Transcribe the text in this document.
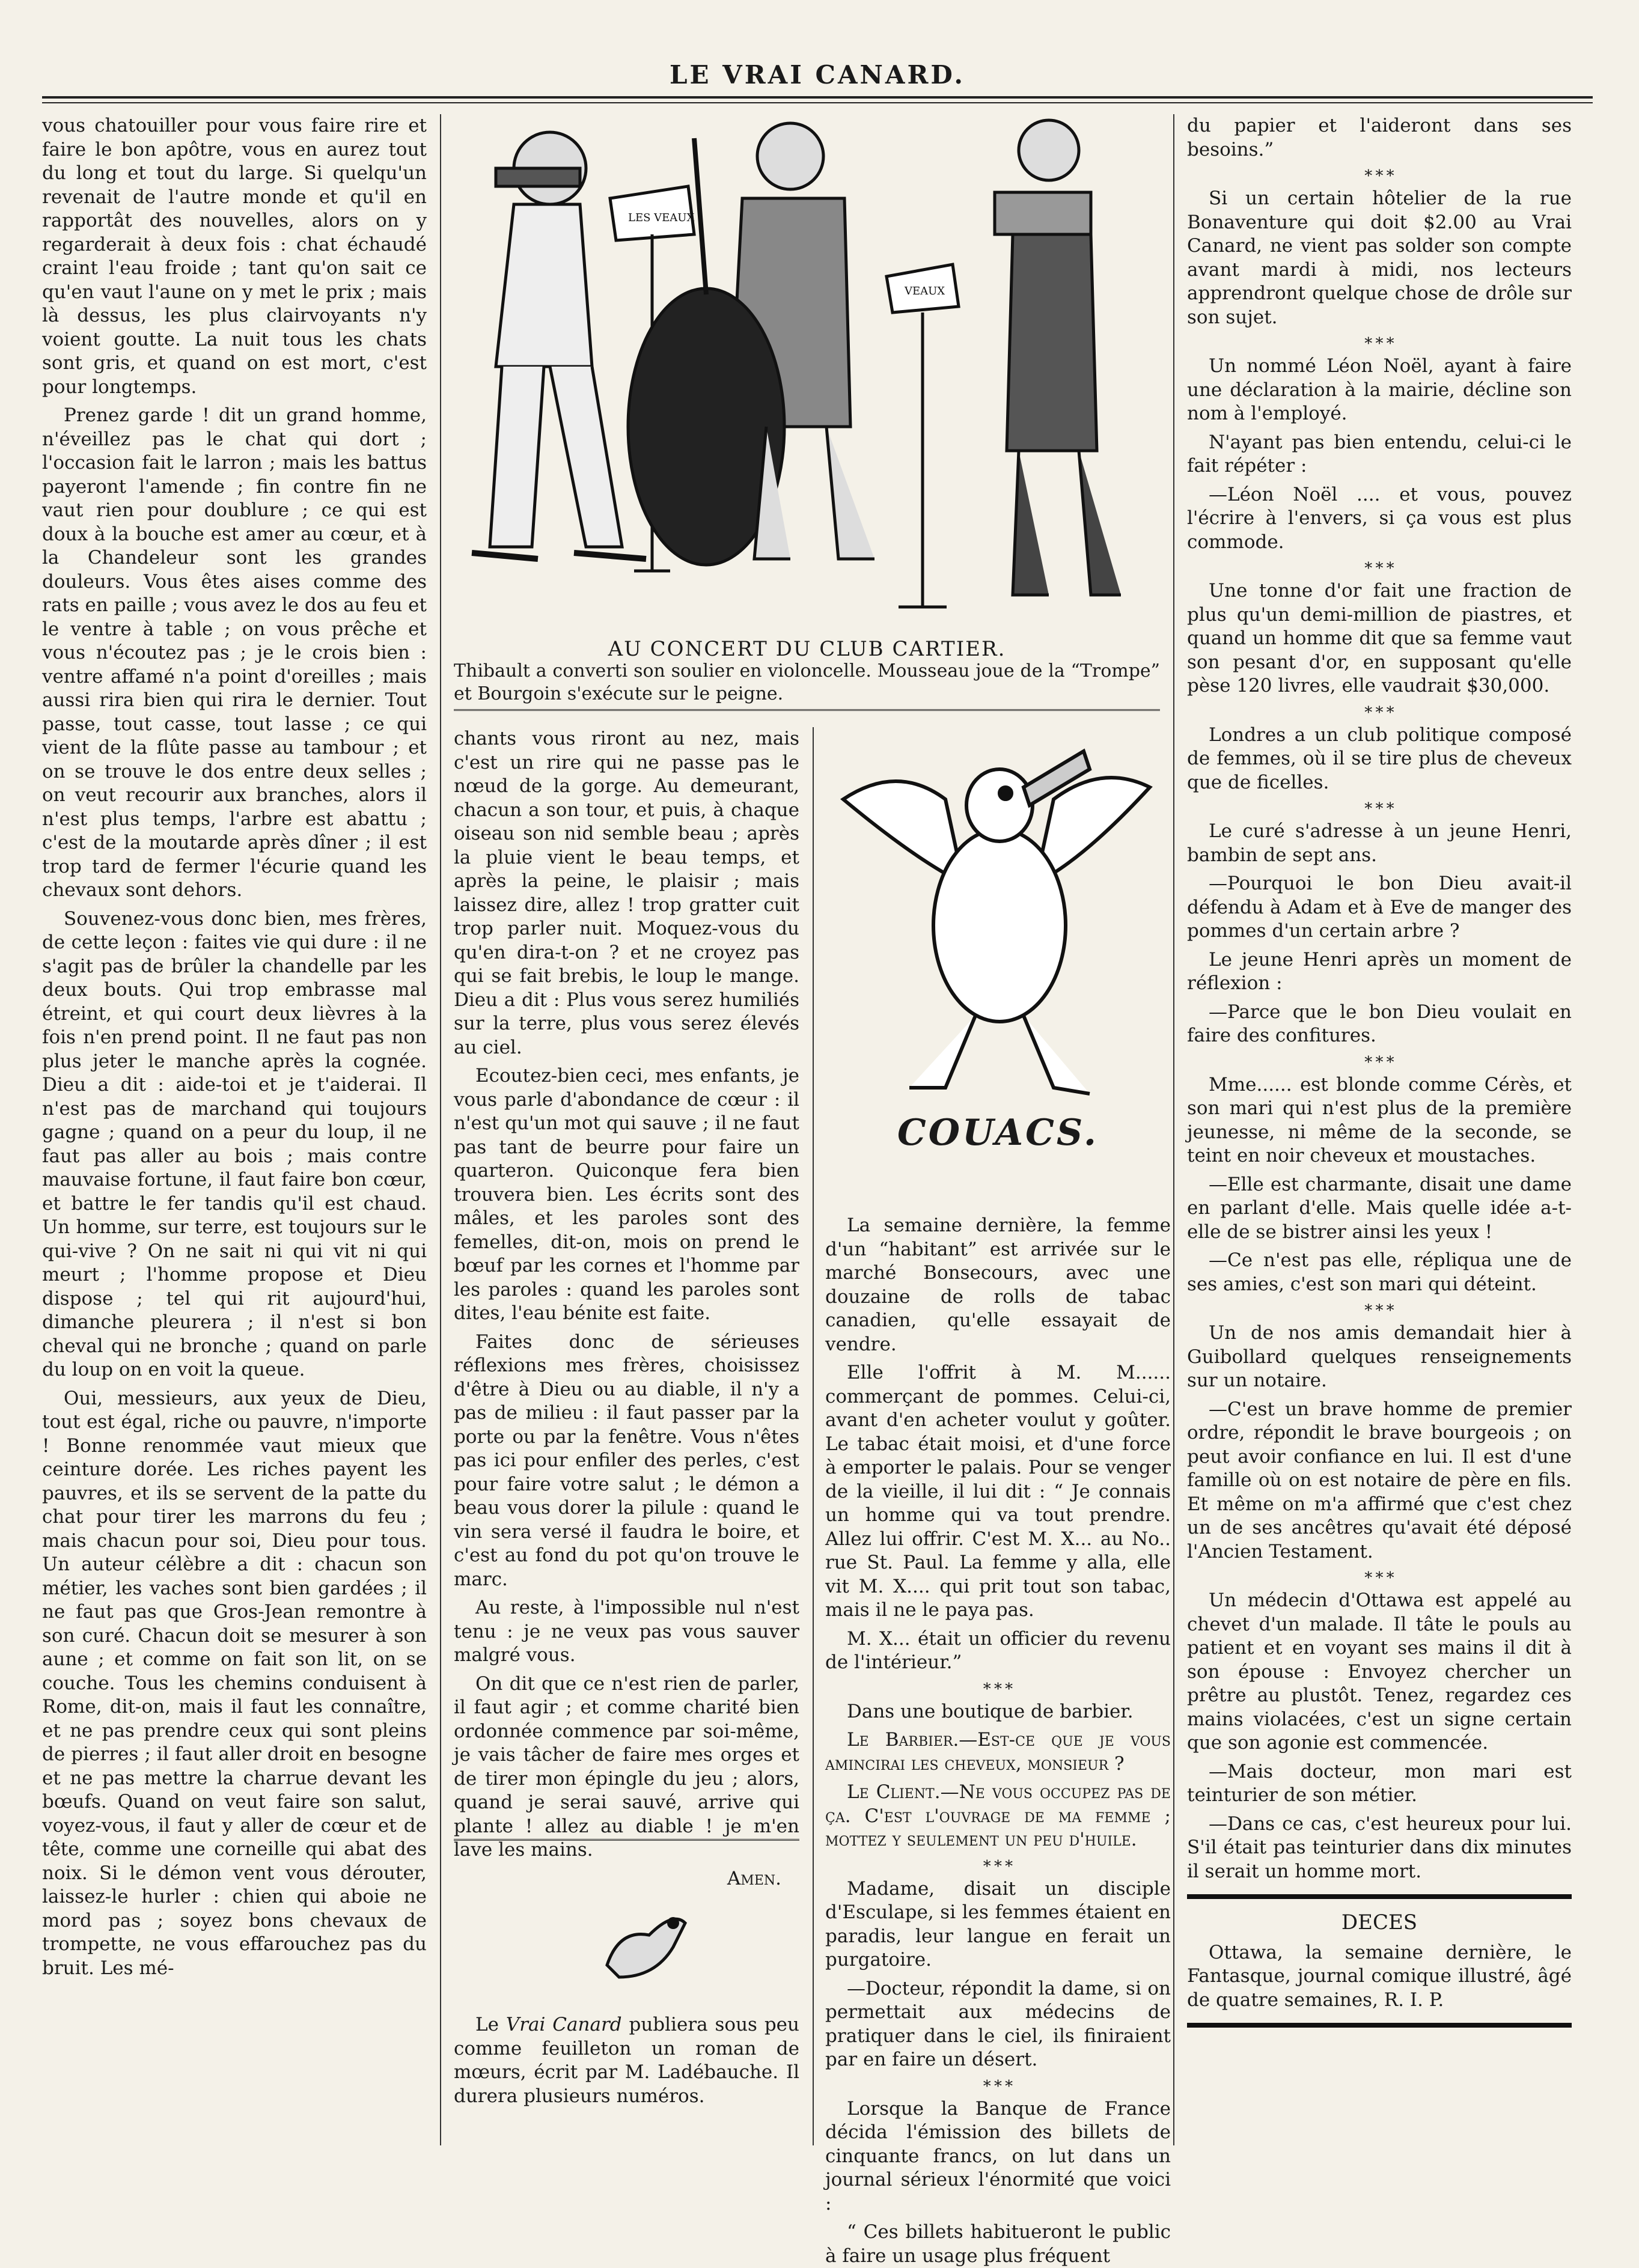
LE VRAI CANARD.

vous chatouiller pour vous faire rire et faire le bon apôtre, vous en aurez tout du long et tout du large. Si quelqu'un revenait de l'autre monde et qu'il en rapportât des nouvelles, alors on y regarderait à deux fois : chat échaudé craint l'eau froide ; tant qu'on sait ce qu'en vaut l'aune on y met le prix ; mais là dessus, les plus clairvoyants n'y voient goutte. La nuit tous les chats sont gris, et quand on est mort, c'est pour longtemps.

Prenez garde ! dit un grand homme, n'éveillez pas le chat qui dort ; l'occasion fait le larron ; mais les battus payeront l'amende ; fin contre fin ne vaut rien pour doublure ; ce qui est doux à la bouche est amer au cœur, et à la Chandeleur sont les grandes douleurs. Vous êtes aises comme des rats en paille ; vous avez le dos au feu et le ventre à table ; on vous prêche et vous n'écoutez pas ; je le crois bien : ventre affamé n'a point d'oreilles ; mais aussi rira bien qui rira le dernier. Tout passe, tout casse, tout lasse ; ce qui vient de la flûte passe au tambour ; et on se trouve le dos entre deux selles ; on veut recourir aux branches, alors il n'est plus temps, l'arbre est abattu ; c'est de la moutarde après dîner ; il est trop tard de fermer l'écurie quand les chevaux sont dehors.

Souvenez-vous donc bien, mes frères, de cette leçon : faites vie qui dure : il ne s'agit pas de brûler la chandelle par les deux bouts. Qui trop embrasse mal étreint, et qui court deux lièvres à la fois n'en prend point. Il ne faut pas non plus jeter le manche après la cognée. Dieu a dit : aide-toi et je t'aiderai. Il n'est pas de marchand qui toujours gagne ; quand on a peur du loup, il ne faut pas aller au bois ; mais contre mauvaise fortune, il faut faire bon cœur, et battre le fer tandis qu'il est chaud. Un homme, sur terre, est toujours sur le qui-vive ? On ne sait ni qui vit ni qui meurt ; l'homme propose et Dieu dispose ; tel qui rit aujourd'hui, dimanche pleurera ; il n'est si bon cheval qui ne bronche ; quand on parle du loup on en voit la queue.

Oui, messieurs, aux yeux de Dieu, tout est égal, riche ou pauvre, n'importe ! Bonne renommée vaut mieux que ceinture dorée. Les riches payent les pauvres, et ils se servent de la patte du chat pour tirer les marrons du feu ; mais chacun pour soi, Dieu pour tous. Un auteur célèbre a dit : chacun son métier, les vaches sont bien gardées ; il ne faut pas que Gros-Jean remontre à son curé. Chacun doit se mesurer à son aune ; et comme on fait son lit, on se couche. Tous les chemins conduisent à Rome, dit-on, mais il faut les connaître, et ne pas prendre ceux qui sont pleins de pierres ; il faut aller droit en besogne et ne pas mettre la charrue devant les bœufs. Quand on veut faire son salut, voyez-vous, il faut y aller de cœur et de tête, comme une corneille qui abat des noix. Si le démon vent vous dérouter, laissez-le hurler : chien qui aboie ne mord pas ; soyez bons chevaux de trompette, ne vous effarouchez pas du bruit. Les mé-

LES VEAUX
VEAUX
AU CONCERT DU CLUB CARTIER.
Thibault a converti son soulier en violoncelle. Mousseau joue de la “Trompe” et Bourgoin s'exécute sur le peigne.

chants vous riront au nez, mais c'est un rire qui ne passe pas le nœud de la gorge. Au demeurant, chacun a son tour, et puis, à chaque oiseau son nid semble beau ; après la pluie vient le beau temps, et après la peine, le plaisir ; mais laissez dire, allez ! trop gratter cuit trop parler nuit. Moquez-vous du qu'en dira-t-on ? et ne croyez pas qui se fait brebis, le loup le mange. Dieu a dit : Plus vous serez humiliés sur la terre, plus vous serez élevés au ciel.

Ecoutez-bien ceci, mes enfants, je vous parle d'abondance de cœur : il n'est qu'un mot qui sauve ; il ne faut pas tant de beurre pour faire un quarteron. Quiconque fera bien trouvera bien. Les écrits sont des mâles, et les paroles sont des femelles, dit-on, mois on prend le bœuf par les cornes et l'homme par les paroles : quand les paroles sont dites, l'eau bénite est faite.

Faites donc de sérieuses réflexions mes frères, choisissez d'être à Dieu ou au diable, il n'y a pas de milieu : il faut passer par la porte ou par la fenêtre. Vous n'êtes pas ici pour enfiler des perles, c'est pour faire votre salut ; le démon a beau vous dorer la pilule : quand le vin sera versé il faudra le boire, et c'est au fond du pot qu'on trouve le marc.

Au reste, à l'impossible nul n'est tenu : je ne veux pas vous sauver malgré vous.

On dit que ce n'est rien de parler, il faut agir ; et comme charité bien ordonnée commence par soi-même, je vais tâcher de faire mes orges et de tirer mon épingle du jeu ; alors, quand je serai sauvé, arrive qui plante ! allez au diable ! je m'en lave les mains.

Amen.

Le Vrai Canard publiera sous peu comme feuilleton un roman de mœurs, écrit par M. Ladébauche. Il durera plusieurs numéros.

COUACS.

La semaine dernière, la femme d'un “habitant” est arrivée sur le marché Bonsecours, avec une douzaine de rolls de tabac canadien, qu'elle essayait de vendre.

Elle l'offrit à M. M...... commerçant de pommes. Celui-ci, avant d'en acheter voulut y goûter. Le tabac était moisi, et d'une force à emporter le palais. Pour se venger de la vieille, il lui dit : “ Je connais un homme qui va tout prendre. Allez lui offrir. C'est M. X... au No.. rue St. Paul. La femme y alla, elle vit M. X.... qui prit tout son tabac, mais il ne le paya pas.

M. X... était un officier du revenu de l'intérieur.”

* * *

Dans une boutique de barbier.

Le Barbier.—Est-ce que je vous amincirai les cheveux, monsieur ?

Le Client.—Ne vous occupez pas de ça. C'est l'ouvrage de ma femme ; mottez y seulement un peu d'huile.

* * *

Madame, disait un disciple d'Esculape, si les femmes étaient en paradis, leur langue en ferait un purgatoire.

—Docteur, répondit la dame, si on permettait aux médecins de pratiquer dans le ciel, ils finiraient par en faire un désert.

* * *

Lorsque la Banque de France décida l'émission des billets de cinquante francs, on lut dans un journal sérieux l'énormité que voici :

“ Ces billets habitueront le public à faire un usage plus fréquent

du papier et l'aideront dans ses besoins.”

* * *

Si un certain hôtelier de la rue Bonaventure qui doit $2.00 au Vrai Canard, ne vient pas solder son compte avant mardi à midi, nos lecteurs apprendront quelque chose de drôle sur son sujet.

* * *

Un nommé Léon Noël, ayant à faire une déclaration à la mairie, décline son nom à l'employé.

N'ayant pas bien entendu, celui-ci le fait répéter :

—Léon Noël .... et vous, pouvez l'écrire à l'envers, si ça vous est plus commode.

* * *

Une tonne d'or fait une fraction de plus qu'un demi-million de piastres, et quand un homme dit que sa femme vaut son pesant d'or, en supposant qu'elle pèse 120 livres, elle vaudrait $30,000.

* * *

Londres a un club politique composé de femmes, où il se tire plus de cheveux que de ficelles.

* * *

Le curé s'adresse à un jeune Henri, bambin de sept ans.

—Pourquoi le bon Dieu avait-il défendu à Adam et à Eve de manger des pommes d'un certain arbre ?

Le jeune Henri après un moment de réflexion :

—Parce que le bon Dieu voulait en faire des confitures.

* * *

Mme...... est blonde comme Cérès, et son mari qui n'est plus de la première jeunesse, ni même de la seconde, se teint en noir cheveux et moustaches.

—Elle est charmante, disait une dame en parlant d'elle. Mais quelle idée a-t-elle de se bistrer ainsi les yeux !

—Ce n'est pas elle, répliqua une de ses amies, c'est son mari qui déteint.

* * *

Un de nos amis demandait hier à Guibollard quelques renseignements sur un notaire.

—C'est un brave homme de premier ordre, répondit le brave bourgeois ; on peut avoir confiance en lui. Il est d'une famille où on est notaire de père en fils. Et même on m'a affirmé que c'est chez un de ses ancêtres qu'avait été déposé l'Ancien Testament.

* * *

Un médecin d'Ottawa est appelé au chevet d'un malade. Il tâte le pouls au patient et en voyant ses mains il dit à son épouse : Envoyez chercher un prêtre au plustôt. Tenez, regardez ces mains violacées, c'est un signe certain que son agonie est commencée.

—Mais docteur, mon mari est teinturier de son métier.

—Dans ce cas, c'est heureux pour lui. S'il était pas teinturier dans dix minutes il serait un homme mort.

DECES

Ottawa, la semaine dernière, le Fantasque, journal comique illustré, âgé de quatre semaines, R. I. P.
